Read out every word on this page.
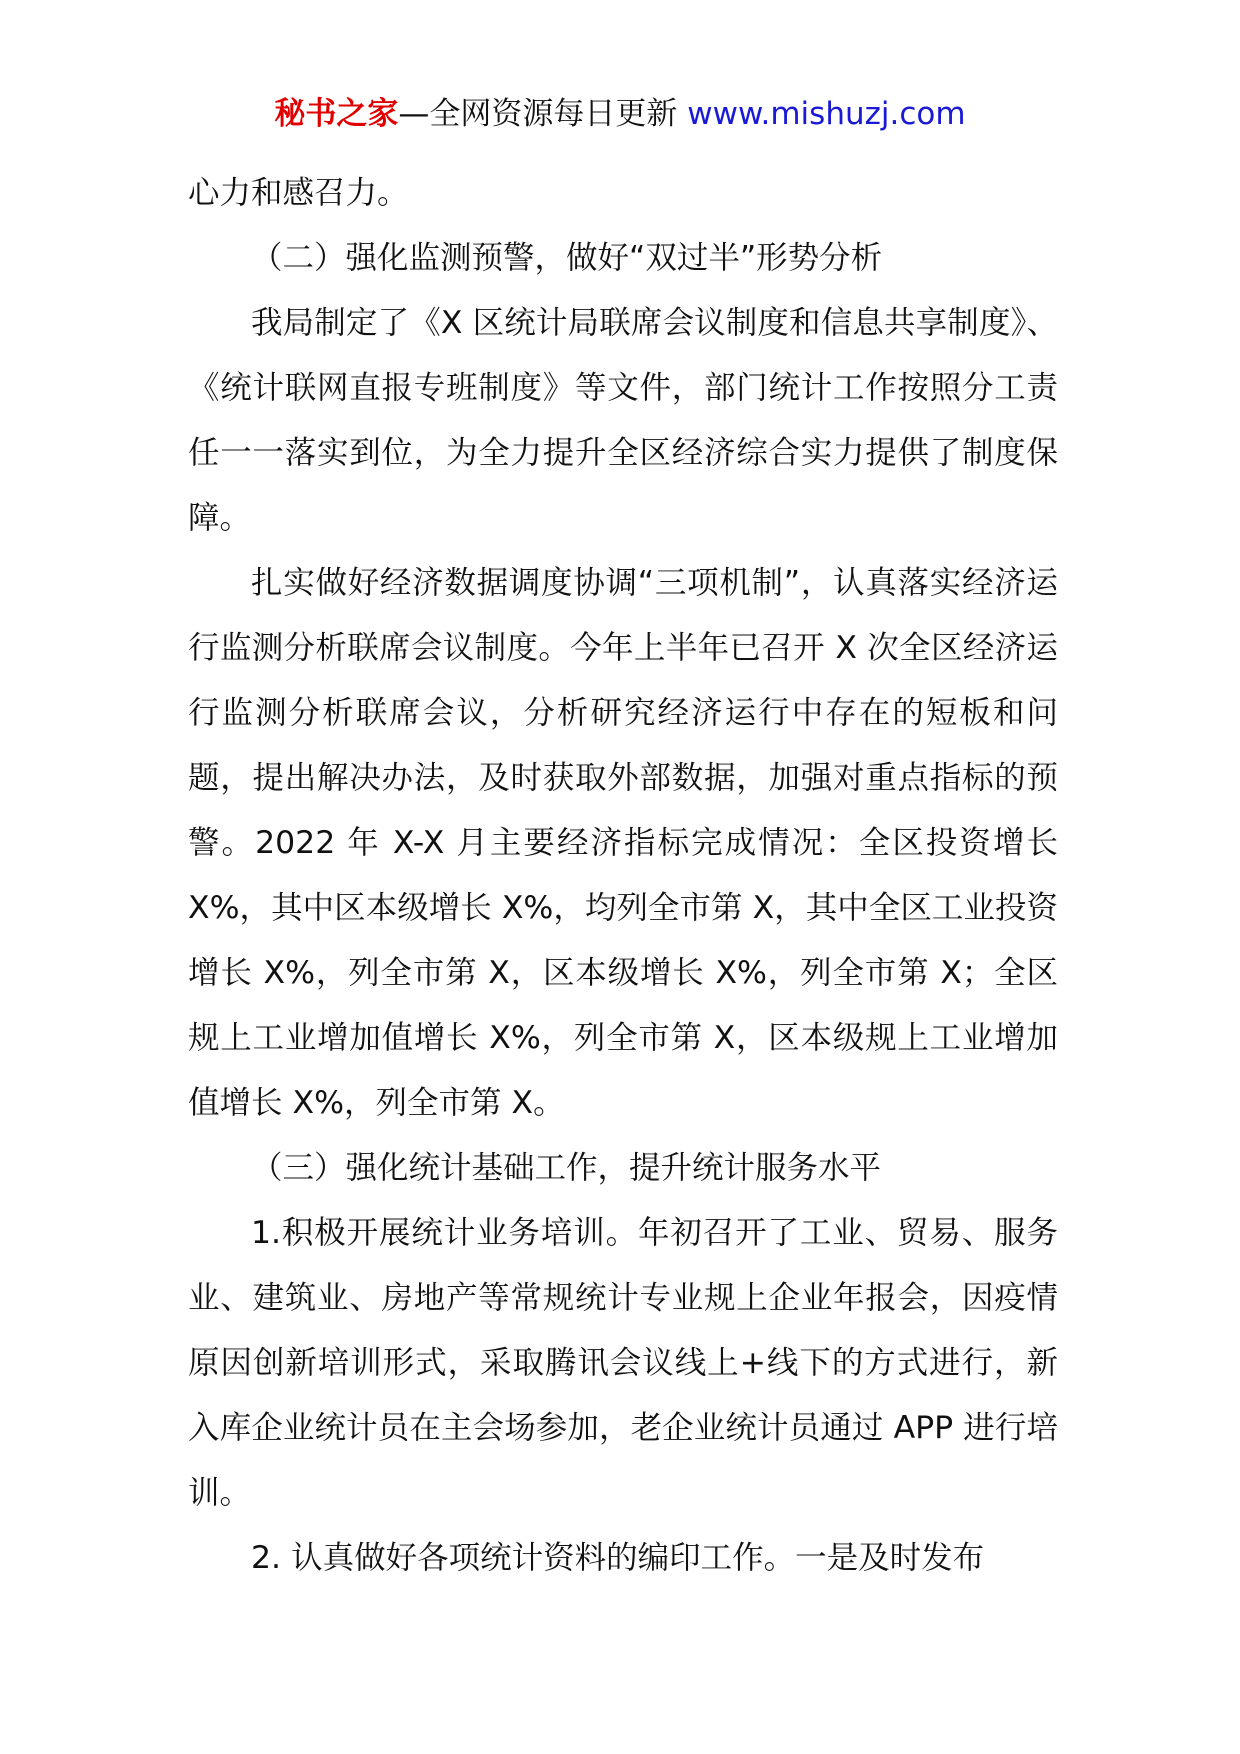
秘书之家—全网资源每日更新 www.mishuzj.com

心力和感召力。

（二）强化监测预警，做好“双过半”形势分析

我局制定了《X 区统计局联席会议制度和信息共享制度》、《统计联网直报专班制度》等文件，部门统计工作按照分工责任一一落实到位，为全力提升全区经济综合实力提供了制度保障。

扎实做好经济数据调度协调“三项机制”，认真落实经济运行监测分析联席会议制度。今年上半年已召开 X 次全区经济运行监测分析联席会议，分析研究经济运行中存在的短板和问题，提出解决办法，及时获取外部数据，加强对重点指标的预警。2022 年 X-X 月主要经济指标完成情况：全区投资增长 X%，其中区本级增长 X%，均列全市第 X，其中全区工业投资增长 X%，列全市第 X，区本级增长 X%，列全市第 X；全区规上工业增加值增长 X%，列全市第 X，区本级规上工业增加值增长 X%，列全市第 X。

（三）强化统计基础工作，提升统计服务水平

1.积极开展统计业务培训。年初召开了工业、贸易、服务业、建筑业、房地产等常规统计专业规上企业年报会，因疫情原因创新培训形式，采取腾讯会议线上+线下的方式进行，新入库企业统计员在主会场参加，老企业统计员通过 APP 进行培训。

2. 认真做好各项统计资料的编印工作。一是及时发布
